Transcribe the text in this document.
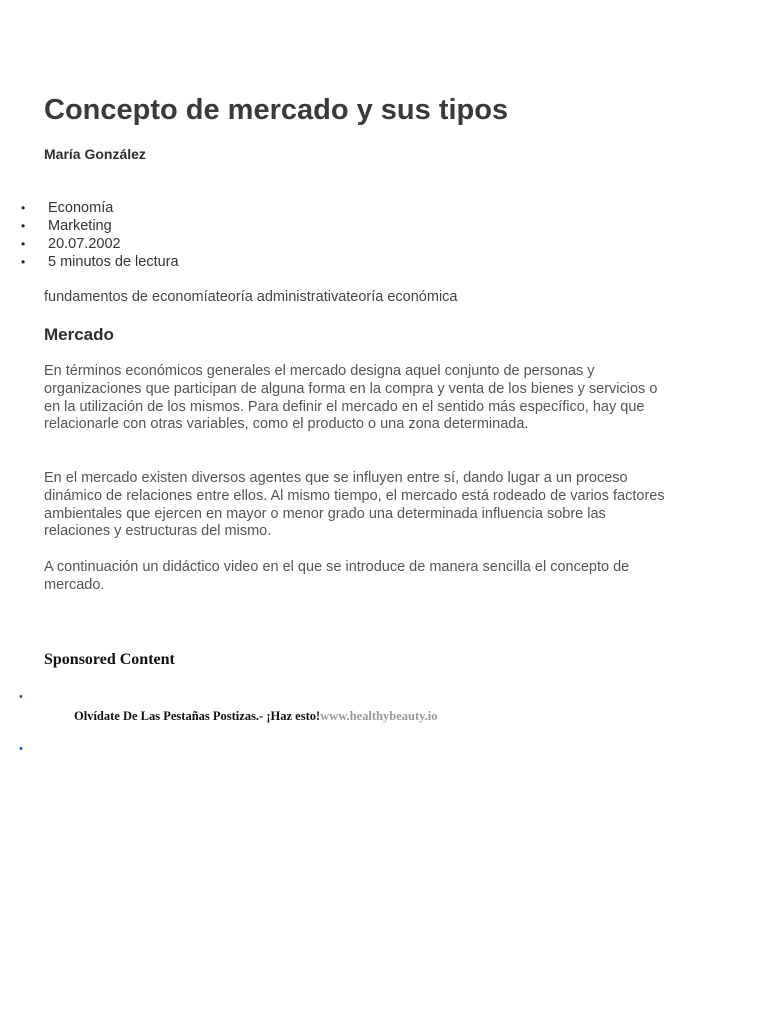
Concepto de mercado y sus tipos
María González
• Economía
• Marketing
• 20.07.2002
• 5 minutos de lectura
fundamentos de economíateoría administrativateoría económica
Mercado

En términos económicos generales el mercado designa aquel conjunto de personas y organizaciones que participan de alguna forma en la compra y venta de los bienes y servicios o en la utilización de los mismos. Para definir el mercado en el sentido más específico, hay que relacionarle con otras variables, como el producto o una zona determinada.

En el mercado existen diversos agentes que se influyen entre sí, dando lugar a un proceso dinámico de relaciones entre ellos. Al mismo tiempo, el mercado está rodeado de varios factores ambientales que ejercen en mayor o menor grado una determinada influencia sobre las relaciones y estructuras del mismo.

A continuación un didáctico video en el que se introduce de manera sencilla el concepto de mercado.

Sponsored Content
•
Olvídate De Las Pestañas Postizas.- ¡Haz esto!www.healthybeauty.io
•
